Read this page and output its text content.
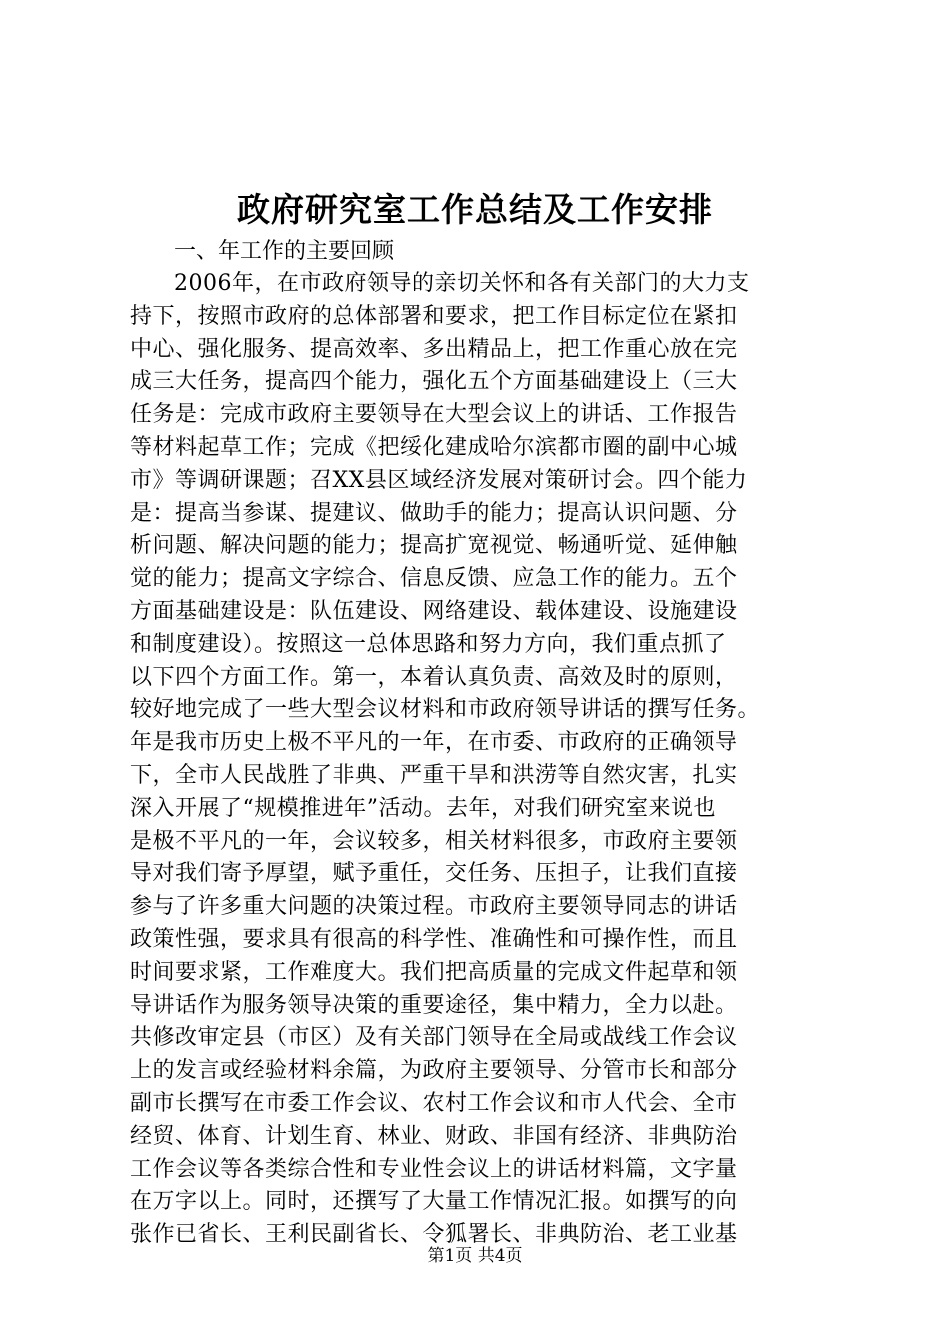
政府研究室工作总结及工作安排
一、年工作的主要回顾
2006年，在市政府领导的亲切关怀和各有关部门的大力支
持下，按照市政府的总体部署和要求，把工作目标定位在紧扣
中心、强化服务、提高效率、多出精品上，把工作重心放在完
成三大任务，提高四个能力，强化五个方面基础建设上（三大
任务是：完成市政府主要领导在大型会议上的讲话、工作报告
等材料起草工作；完成《把绥化建成哈尔滨都市圈的副中心城
市》等调研课题；召XX县区域经济发展对策研讨会。四个能力
是：提高当参谋、提建议、做助手的能力；提高认识问题、分
析问题、解决问题的能力；提高扩宽视觉、畅通听觉、延伸触
觉的能力；提高文字综合、信息反馈、应急工作的能力。五个
方面基础建设是：队伍建设、网络建设、载体建设、设施建设
和制度建设）。按照这一总体思路和努力方向，我们重点抓了
以下四个方面工作。第一，本着认真负责、高效及时的原则，
较好地完成了一些大型会议材料和市政府领导讲话的撰写任务。
年是我市历史上极不平凡的一年，在市委、市政府的正确领导
下，全市人民战胜了非典、严重干旱和洪涝等自然灾害，扎实
深入开展了“规模推进年”活动。去年，对我们研究室来说也
是极不平凡的一年，会议较多，相关材料很多，市政府主要领
导对我们寄予厚望，赋予重任，交任务、压担子，让我们直接
参与了许多重大问题的决策过程。市政府主要领导同志的讲话
政策性强，要求具有很高的科学性、准确性和可操作性，而且
时间要求紧，工作难度大。我们把高质量的完成文件起草和领
导讲话作为服务领导决策的重要途径，集中精力，全力以赴。
共修改审定县（市区）及有关部门领导在全局或战线工作会议
上的发言或经验材料余篇，为政府主要领导、分管市长和部分
副市长撰写在市委工作会议、农村工作会议和市人代会、全市
经贸、体育、计划生育、林业、财政、非国有经济、非典防治
工作会议等各类综合性和专业性会议上的讲话材料篇，文字量
在万字以上。同时，还撰写了大量工作情况汇报。如撰写的向
张作已省长、王利民副省长、令狐署长、非典防治、老工业基
第1页 共4页
